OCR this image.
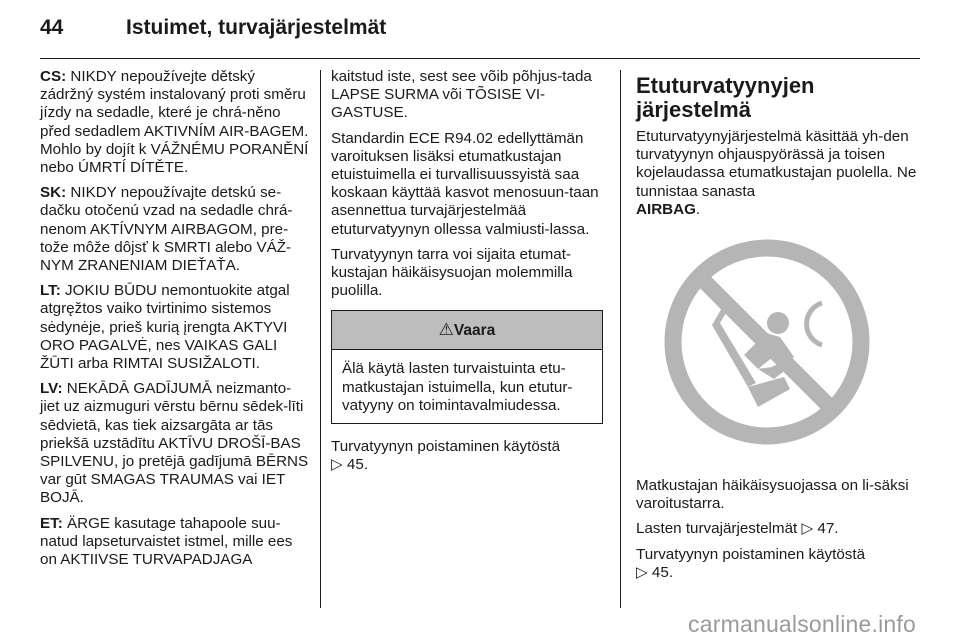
44	Istuimet, turvajärjestelmät

CS: NIKDY nepoužívejte dětský zádržný systém instalovaný proti směru jízdy na sedadle, které je chrá-něno před sedadlem AKTIVNÍM AIR-BAGEM. Mohlo by dojít k VÁŽNÉMU PORANĚNÍ nebo ÚMRTÍ DÍTĚTE.

SK: NIKDY nepoužívajte detskú se-dačku otočenú vzad na sedadle chrá-nenom AKTÍVNYM AIRBAGOM, pre-tože môže dôjsť k SMRTI alebo VÁŽ-NYM ZRANENIAM DIEŤAŤA.

LT: JOKIU BŪDU nemontuokite atgal atgręžtos vaiko tvirtinimo sistemos sėdynėje, prieš kurią įrengta AKTYVI ORO PAGALVĖ, nes VAIKAS GALI ŽŪTI arba RIMTAI SUSIŽALOTI.

LV: NEKĀDĀ GADĪJUMĀ neizmanto-jiet uz aizmuguri vērstu bērnu sēdek-līti sēdvietā, kas tiek aizsargāta ar tās priekšā uzstādītu AKTĪVU DROŠĪ-BAS SPILVENU, jo pretējā gadījumā BĒRNS var gūt SMAGAS TRAUMAS vai IET BOJĀ.

ET: ÄRGE kasutage tahapoole suu-natud lapseturvaistet istmel, mille ees on AKTIIVSE TURVAPADJAGA

kaitstud iste, sest see võib põhjus-tada LAPSE SURMA või TÕSISE VI-GASTUSE.

Standardin ECE R94.02 edellyttämän varoituksen lisäksi etumatkustajan etuistuimella ei turvallisuussyistä saa koskaan käyttää kasvot menosuun-taan asennettua turvajärjestelmää etuturvatyynyn ollessa valmiusti-lassa.

Turvatyynyn tarra voi sijaita etumat-kustajan häikäisysuojan molemmilla puolilla.

⚠Vaara
Älä käytä lasten turvaistuinta etu-matkustajan istuimella, kun etutur-vatyyny on toimintavalmiudessa.

Turvatyynyn poistaminen käytöstä
▷ 45.

Etuturvatyynyjen järjestelmä

Etuturvatyynyjärjestelmä käsittää yh-den turvatyynyn ohjauspyörässä ja toisen kojelaudassa etumatkustajan puolella. Ne tunnistaa sanasta
AIRBAG.

Matkustajan häikäisysuojassa on li-säksi varoitustarra.

Lasten turvajärjestelmät ▷ 47.

Turvatyynyn poistaminen käytöstä
▷ 45.

carmanualsonline.info
